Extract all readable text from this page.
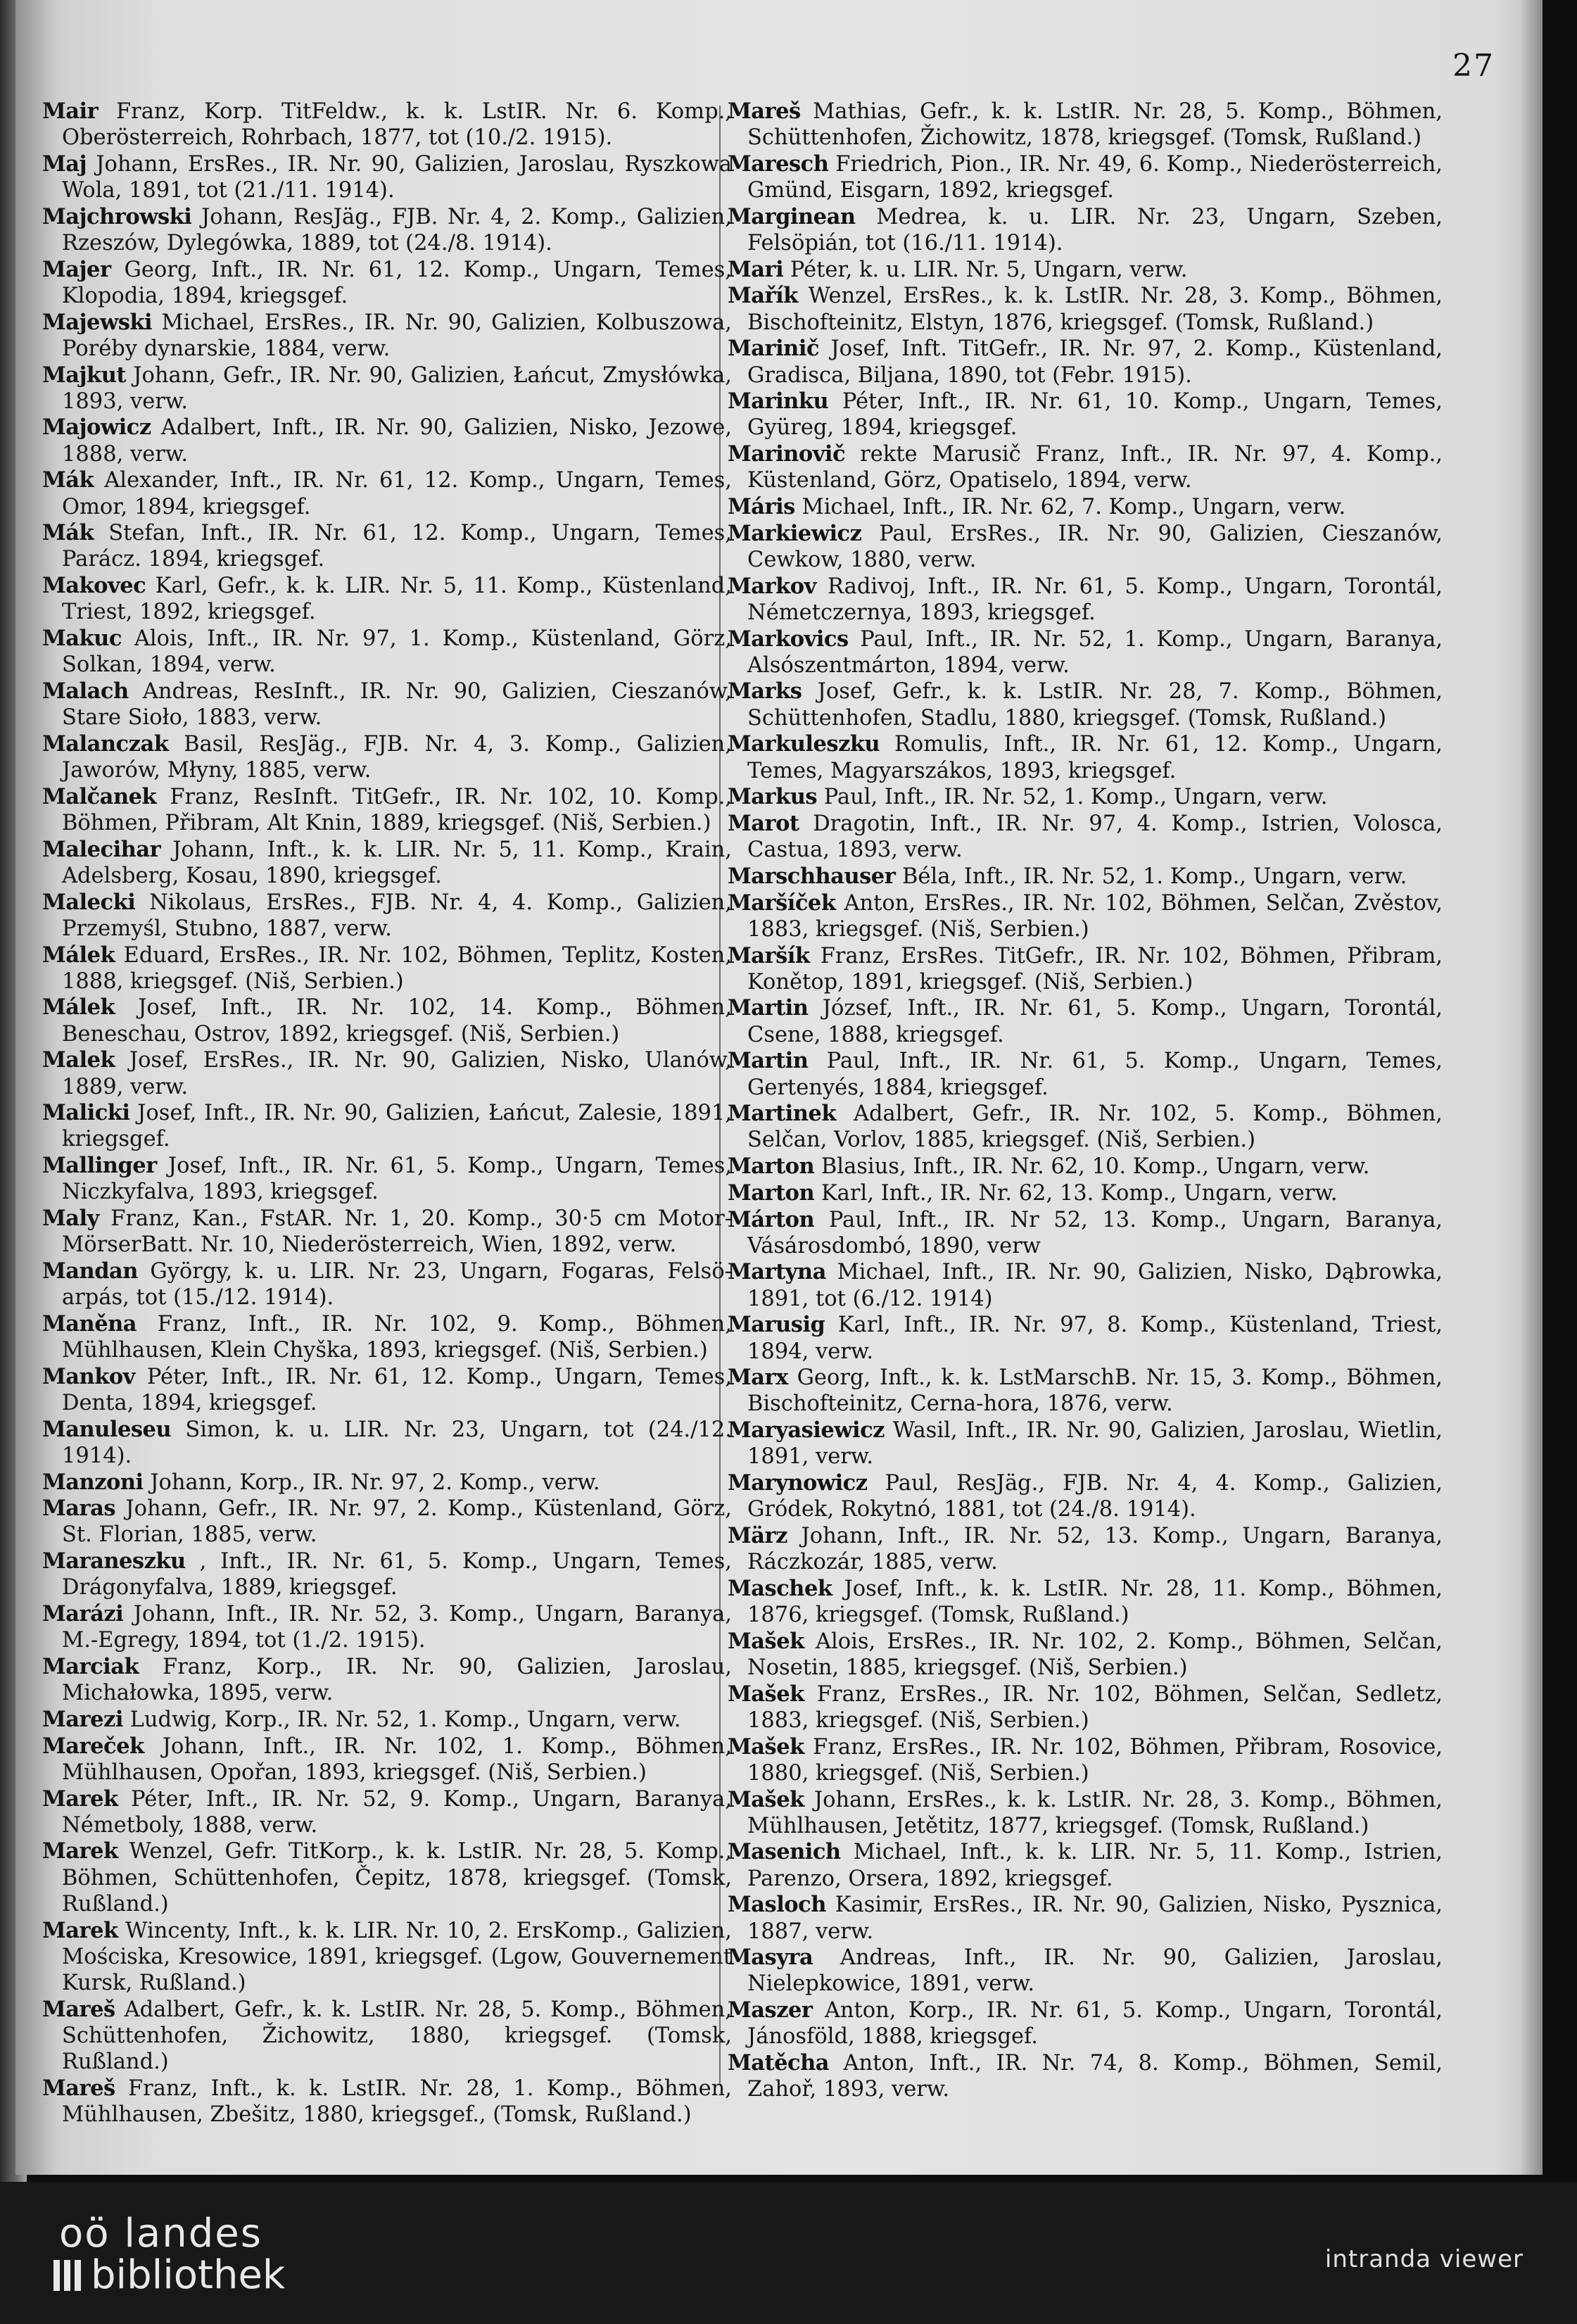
27
Mair Franz, Korp. TitFeldw., k. k. LstIR. Nr. 6. Komp., Oberösterreich, Rohrbach, 1877, tot (10./2. 1915).
Maj Johann, ErsRes., IR. Nr. 90, Galizien, Jaroslau, Ryszkowa Wola, 1891, tot (21./11. 1914).
Majchrowski Johann, ResJäg., FJB. Nr. 4, 2. Komp., Galizien, Rzeszów, Dylegówka, 1889, tot (24./8. 1914).
Majer Georg, Inft., IR. Nr. 61, 12. Komp., Ungarn, Temes, Klopodia, 1894, kriegsgef.
Majewski Michael, ErsRes., IR. Nr. 90, Galizien, Kolbuszowa, Poréby dynarskie, 1884, verw.
Majkut Johann, Gefr., IR. Nr. 90, Galizien, Łańcut, Zmysłówka, 1893, verw.
Majowicz Adalbert, Inft., IR. Nr. 90, Galizien, Nisko, Jezowe, 1888, verw.
Mák Alexander, Inft., IR. Nr. 61, 12. Komp., Ungarn, Temes, Omor, 1894, kriegsgef.
Mák Stefan, Inft., IR. Nr. 61, 12. Komp., Ungarn, Temes, Parácz. 1894, kriegsgef.
Makovec Karl, Gefr., k. k. LIR. Nr. 5, 11. Komp., Küstenland, Triest, 1892, kriegsgef.
Makuc Alois, Inft., IR. Nr. 97, 1. Komp., Küstenland, Görz, Solkan, 1894, verw.
Malach Andreas, ResInft., IR. Nr. 90, Galizien, Cieszanów, Stare Sioło, 1883, verw.
Malanczak Basil, ResJäg., FJB. Nr. 4, 3. Komp., Galizien, Jaworów, Młyny, 1885, verw.
Malčanek Franz, ResInft. TitGefr., IR. Nr. 102, 10. Komp., Böhmen, Přibram, Alt Knin, 1889, kriegsgef. (Niš, Serbien.)
Malecihar Johann, Inft., k. k. LIR. Nr. 5, 11. Komp., Krain, Adelsberg, Kosau, 1890, kriegsgef.
Malecki Nikolaus, ErsRes., FJB. Nr. 4, 4. Komp., Galizien, Przemyśl, Stubno, 1887, verw.
Málek Eduard, ErsRes., IR. Nr. 102, Böhmen, Teplitz, Kosten, 1888, kriegsgef. (Niš, Serbien.)
Málek Josef, Inft., IR. Nr. 102, 14. Komp., Böhmen, Beneschau, Ostrov, 1892, kriegsgef. (Niš, Serbien.)
Malek Josef, ErsRes., IR. Nr. 90, Galizien, Nisko, Ulanów, 1889, verw.
Malicki Josef, Inft., IR. Nr. 90, Galizien, Łańcut, Zalesie, 1891, kriegsgef.
Mallinger Josef, Inft., IR. Nr. 61, 5. Komp., Ungarn, Temes, Niczkyfalva, 1893, kriegsgef.
Maly Franz, Kan., FstAR. Nr. 1, 20. Komp., 30·5 cm Motor-MörserBatt. Nr. 10, Niederösterreich, Wien, 1892, verw.
Mandan György, k. u. LIR. Nr. 23, Ungarn, Fogaras, Felsö-arpás, tot (15./12. 1914).
Maněna Franz, Inft., IR. Nr. 102, 9. Komp., Böhmen, Mühlhausen, Klein Chyška, 1893, kriegsgef. (Niš, Serbien.)
Mankov Péter, Inft., IR. Nr. 61, 12. Komp., Ungarn, Temes, Denta, 1894, kriegsgef.
Manuleseu Simon, k. u. LIR. Nr. 23, Ungarn, tot (24./12. 1914).
Manzoni Johann, Korp., IR. Nr. 97, 2. Komp., verw.
Maras Johann, Gefr., IR. Nr. 97, 2. Komp., Küstenland, Görz, St. Florian, 1885, verw.
Maraneszku , Inft., IR. Nr. 61, 5. Komp., Ungarn, Temes, Drágonyfalva, 1889, kriegsgef.
Marázi Johann, Inft., IR. Nr. 52, 3. Komp., Ungarn, Baranya, M.-Egregy, 1894, tot (1./2. 1915).
Marciak Franz, Korp., IR. Nr. 90, Galizien, Jaroslau, Michałowka, 1895, verw.
Marezi Ludwig, Korp., IR. Nr. 52, 1. Komp., Ungarn, verw.
Mareček Johann, Inft., IR. Nr. 102, 1. Komp., Böhmen, Mühlhausen, Opořan, 1893, kriegsgef. (Niš, Serbien.)
Marek Péter, Inft., IR. Nr. 52, 9. Komp., Ungarn, Baranya, Németboly, 1888, verw.
Marek Wenzel, Gefr. TitKorp., k. k. LstIR. Nr. 28, 5. Komp., Böhmen, Schüttenhofen, Čepitz, 1878, kriegsgef. (Tomsk, Rußland.)
Marek Wincenty, Inft., k. k. LIR. Nr. 10, 2. ErsKomp., Galizien, Mościska, Kresowice, 1891, kriegsgef. (Lgow, Gouvernement Kursk, Rußland.)
Mareš Adalbert, Gefr., k. k. LstIR. Nr. 28, 5. Komp., Böhmen, Schüttenhofen, Žichowitz, 1880, kriegsgef. (Tomsk, Rußland.)
Mareš Franz, Inft., k. k. LstIR. Nr. 28, 1. Komp., Böhmen, Mühlhausen, Zbešitz, 1880, kriegsgef., (Tomsk, Rußland.)
Mareš Mathias, Gefr., k. k. LstIR. Nr. 28, 5. Komp., Böhmen, Schüttenhofen, Žichowitz, 1878, kriegsgef. (Tomsk, Rußland.)
Maresch Friedrich, Pion., IR. Nr. 49, 6. Komp., Niederösterreich, Gmünd, Eisgarn, 1892, kriegsgef.
Marginean Medrea, k. u. LIR. Nr. 23, Ungarn, Szeben, Felsöpián, tot (16./11. 1914).
Mari Péter, k. u. LIR. Nr. 5, Ungarn, verw.
Mařík Wenzel, ErsRes., k. k. LstIR. Nr. 28, 3. Komp., Böhmen, Bischofteinitz, Elstyn, 1876, kriegsgef. (Tomsk, Rußland.)
Marinič Josef, Inft. TitGefr., IR. Nr. 97, 2. Komp., Küstenland, Gradisca, Biljana, 1890, tot (Febr. 1915).
Marinku Péter, Inft., IR. Nr. 61, 10. Komp., Ungarn, Temes, Gyüreg, 1894, kriegsgef.
Marinovič rekte Marusič Franz, Inft., IR. Nr. 97, 4. Komp., Küstenland, Görz, Opatiselo, 1894, verw.
Máris Michael, Inft., IR. Nr. 62, 7. Komp., Ungarn, verw.
Markiewicz Paul, ErsRes., IR. Nr. 90, Galizien, Cieszanów, Cewkow, 1880, verw.
Markov Radivoj, Inft., IR. Nr. 61, 5. Komp., Ungarn, Torontál, Németczernya, 1893, kriegsgef.
Markovics Paul, Inft., IR. Nr. 52, 1. Komp., Ungarn, Baranya, Alsószentmárton, 1894, verw.
Marks Josef, Gefr., k. k. LstIR. Nr. 28, 7. Komp., Böhmen, Schüttenhofen, Stadlu, 1880, kriegsgef. (Tomsk, Rußland.)
Markuleszku Romulis, Inft., IR. Nr. 61, 12. Komp., Ungarn, Temes, Magyarszákos, 1893, kriegsgef.
Markus Paul, Inft., IR. Nr. 52, 1. Komp., Ungarn, verw.
Marot Dragotin, Inft., IR. Nr. 97, 4. Komp., Istrien, Volosca, Castua, 1893, verw.
Marschhauser Béla, Inft., IR. Nr. 52, 1. Komp., Ungarn, verw.
Maršíček Anton, ErsRes., IR. Nr. 102, Böhmen, Selčan, Zvěstov, 1883, kriegsgef. (Niš, Serbien.)
Maršík Franz, ErsRes. TitGefr., IR. Nr. 102, Böhmen, Přibram, Konětop, 1891, kriegsgef. (Niš, Serbien.)
Martin József, Inft., IR. Nr. 61, 5. Komp., Ungarn, Torontál, Csene, 1888, kriegsgef.
Martin Paul, Inft., IR. Nr. 61, 5. Komp., Ungarn, Temes, Gertenyés, 1884, kriegsgef.
Martinek Adalbert, Gefr., IR. Nr. 102, 5. Komp., Böhmen, Selčan, Vorlov, 1885, kriegsgef. (Niš, Serbien.)
Marton Blasius, Inft., IR. Nr. 62, 10. Komp., Ungarn, verw.
Marton Karl, Inft., IR. Nr. 62, 13. Komp., Ungarn, verw.
Márton Paul, Inft., IR. Nr 52, 13. Komp., Ungarn, Baranya, Vásárosdombó, 1890, verw
Martyna Michael, Inft., IR. Nr. 90, Galizien, Nisko, Dąbrowka, 1891, tot (6./12. 1914)
Marusig Karl, Inft., IR. Nr. 97, 8. Komp., Küstenland, Triest, 1894, verw.
Marx Georg, Inft., k. k. LstMarschB. Nr. 15, 3. Komp., Böhmen, Bischofteinitz, Cerna-hora, 1876, verw.
Maryasiewicz Wasil, Inft., IR. Nr. 90, Galizien, Jaroslau, Wietlin, 1891, verw.
Marynowicz Paul, ResJäg., FJB. Nr. 4, 4. Komp., Galizien, Gródek, Rokytnó, 1881, tot (24./8. 1914).
März Johann, Inft., IR. Nr. 52, 13. Komp., Ungarn, Baranya, Ráczkozár, 1885, verw.
Maschek Josef, Inft., k. k. LstIR. Nr. 28, 11. Komp., Böhmen, 1876, kriegsgef. (Tomsk, Rußland.)
Mašek Alois, ErsRes., IR. Nr. 102, 2. Komp., Böhmen, Selčan, Nosetin, 1885, kriegsgef. (Niš, Serbien.)
Mašek Franz, ErsRes., IR. Nr. 102, Böhmen, Selčan, Sedletz, 1883, kriegsgef. (Niš, Serbien.)
Mašek Franz, ErsRes., IR. Nr. 102, Böhmen, Přibram, Rosovice, 1880, kriegsgef. (Niš, Serbien.)
Mašek Johann, ErsRes., k. k. LstIR. Nr. 28, 3. Komp., Böhmen, Mühlhausen, Jetětitz, 1877, kriegsgef. (Tomsk, Rußland.)
Masenich Michael, Inft., k. k. LIR. Nr. 5, 11. Komp., Istrien, Parenzo, Orsera, 1892, kriegsgef.
Masloch Kasimir, ErsRes., IR. Nr. 90, Galizien, Nisko, Pysznica, 1887, verw.
Masyra Andreas, Inft., IR. Nr. 90, Galizien, Jaroslau, Nielepkowice, 1891, verw.
Maszer Anton, Korp., IR. Nr. 61, 5. Komp., Ungarn, Torontál, Jánosföld, 1888, kriegsgef.
Matěcha Anton, Inft., IR. Nr. 74, 8. Komp., Böhmen, Semil, Zahoř, 1893, verw.
oö landes
bibliothek	intranda viewer
